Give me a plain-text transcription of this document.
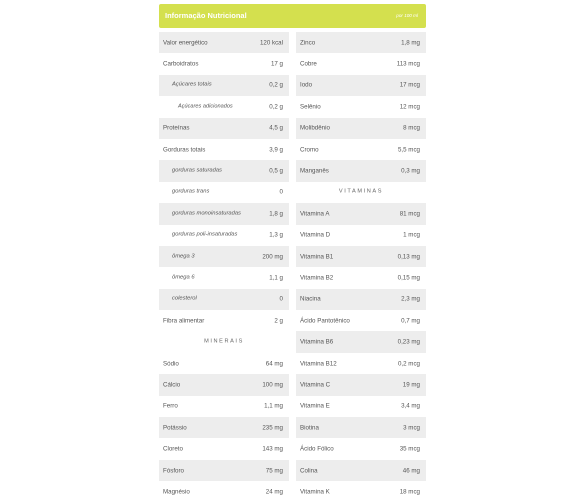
Informação Nutricional	por 100 ml
Valor energético	120 kcal
Carboidratos	17 g
Açúcares totais	0,2 g
Açúcares adicionados	0,2 g
Proteínas	4,5 g
Gorduras totais	3,9 g
gorduras saturadas	0,5 g
gorduras trans	0
gorduras monoinsaturadas	1,8 g
gorduras poli-insaturadas	1,3 g
ômega 3	200 mg
ômega 6	1,1 g
colesterol	0
Fibra alimentar	2 g
MINERAIS
Sódio	64 mg
Cálcio	100 mg
Ferro	1,1 mg
Potássio	235 mg
Cloreto	143 mg
Fósforo	75 mg
Magnésio	24 mg
Zinco	1,8 mg
Cobre	113 mcg
Iodo	17 mcg
Selênio	12 mcg
Molibdênio	8 mcg
Cromo	5,5 mcg
Manganês	0,3 mg
VITAMINAS
Vitamina A	81 mcg
Vitamina D	1 mcg
Vitamina B1	0,13 mg
Vitamina B2	0,15 mg
Niacina	2,3 mg
Ácido Pantotênico	0,7 mg
Vitamina B6	0,23 mg
Vitamina B12	0,2 mcg
Vitamina C	19 mg
Vitamina E	3,4 mg
Biotina	3 mcg
Ácido Fólico	35 mcg
Colina	46 mg
Vitamina K	18 mcg
